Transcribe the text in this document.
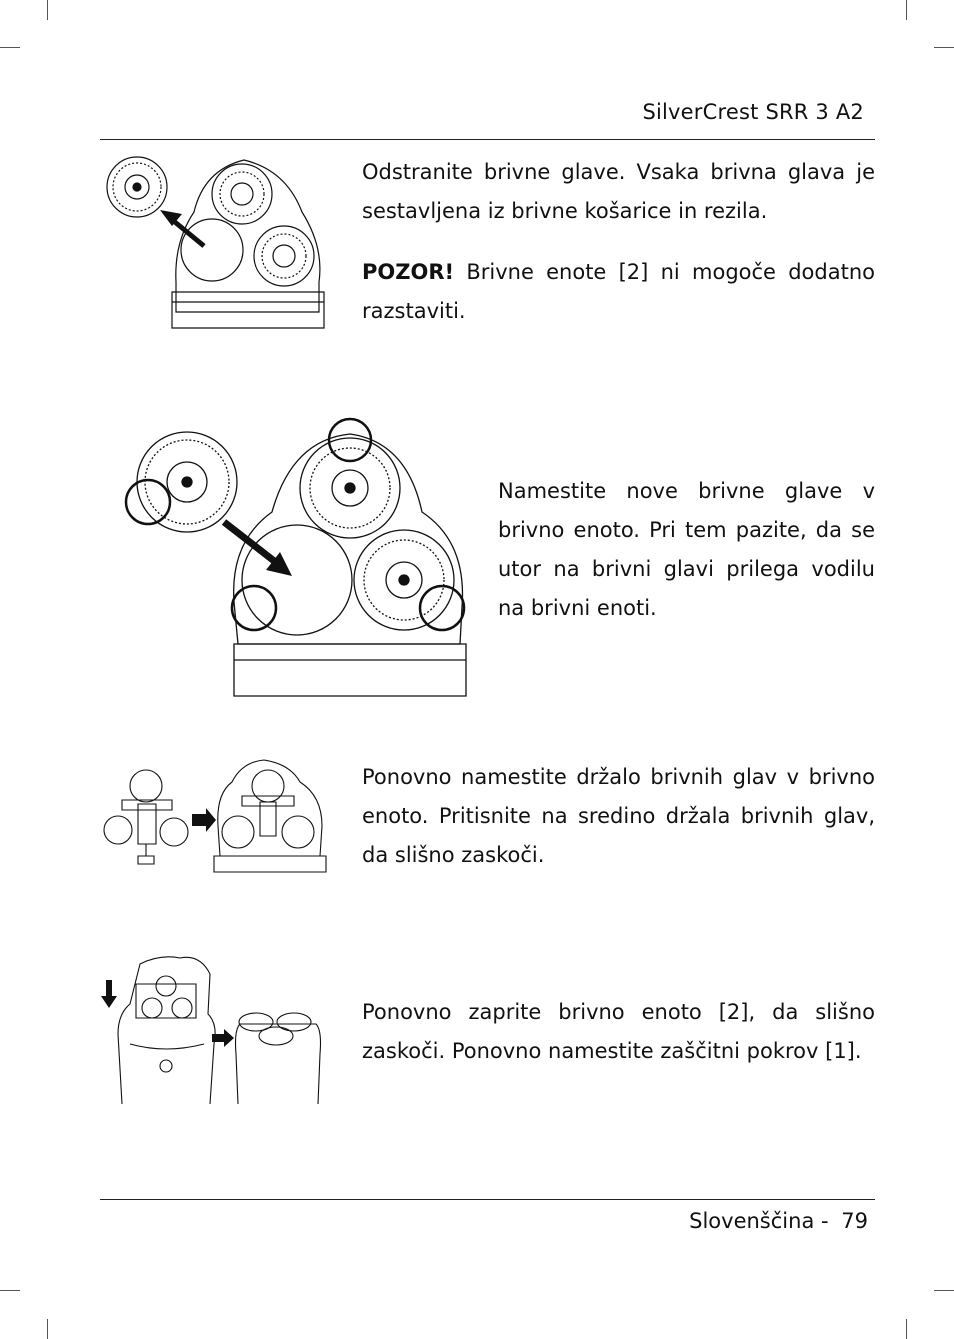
SilverCrest SRR 3 A2

Odstranite brivne glave. Vsaka brivna glava je sestavljena iz brivne košarice in rezila.

POZOR! Brivne enote [2] ni mogoče dodatno razstaviti.

Namestite nove brivne glave v brivno enoto. Pri tem pazite, da se utor na brivni glavi prilega vodilu na brivni enoti.

Ponovno namestite držalo brivnih glav v brivno enoto. Pritisnite na sredino držala brivnih glav, da slišno zaskoči.

Ponovno zaprite brivno enoto [2], da slišno zaskoči. Ponovno namestite zaščitni pokrov [1].

Slovenščina - 79
